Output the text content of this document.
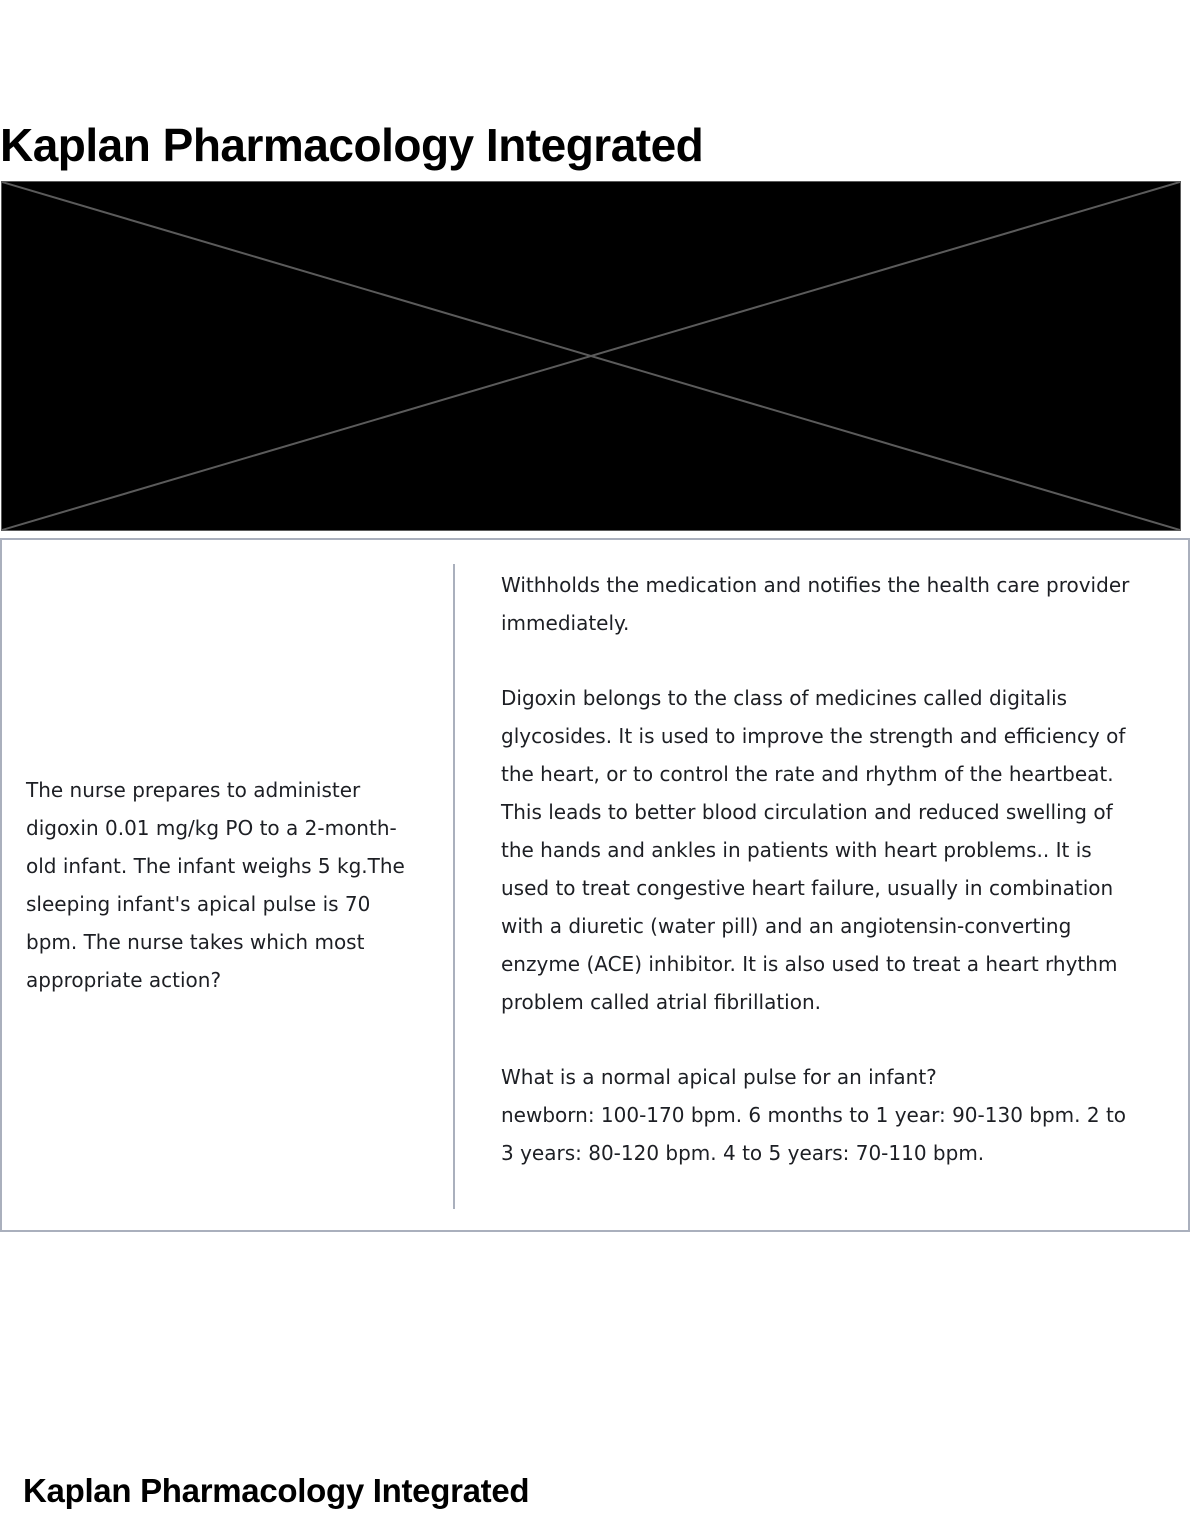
Kaplan Pharmacology Integrated

The nurse prepares to administer digoxin 0.01 mg/kg PO to a 2-month-old infant. The infant weighs 5 kg.The sleeping infant's apical pulse is 70 bpm. The nurse takes which most appropriate action?

Withholds the medication and notifies the health care provider immediately.

Digoxin belongs to the class of medicines called digitalis glycosides. It is used to improve the strength and efficiency of the heart, or to control the rate and rhythm of the heartbeat. This leads to better blood circulation and reduced swelling of the hands and ankles in patients with heart problems.. It is used to treat congestive heart failure, usually in combination with a diuretic (water pill) and an angiotensin-converting enzyme (ACE) inhibitor. It is also used to treat a heart rhythm problem called atrial fibrillation.

What is a normal apical pulse for an infant?
newborn: 100-170 bpm. 6 months to 1 year: 90-130 bpm. 2 to 3 years: 80-120 bpm. 4 to 5 years: 70-110 bpm.

Kaplan Pharmacology Integrated
